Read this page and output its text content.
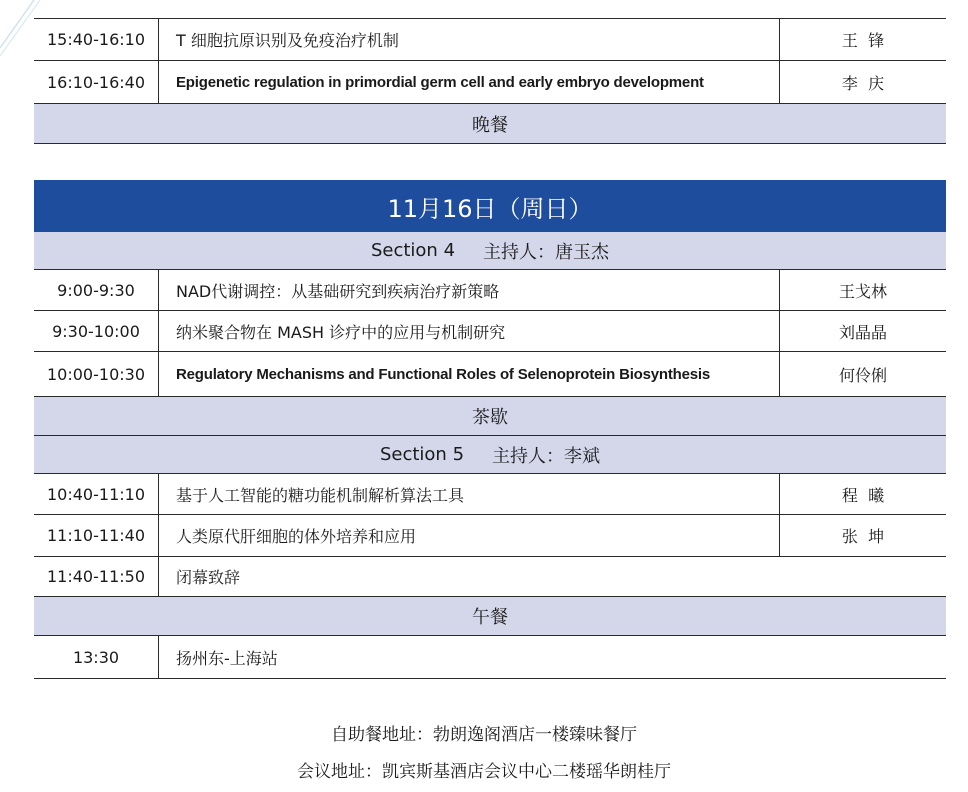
15:40-16:10	T 细胞抗原识别及免疫治疗机制	王  锋
16:10-16:40	Epigenetic regulation in primordial germ cell and early embryo development	李  庆
晚餐
11月16日（周日）
Section 4 主持人：唐玉杰
9:00-9:30	NAD代谢调控：从基础研究到疾病治疗新策略	王戈林
9:30-10:00	纳米聚合物在 MASH 诊疗中的应用与机制研究	刘晶晶
10:00-10:30	Regulatory Mechanisms and Functional Roles of Selenoprotein Biosynthesis	何伶俐
茶歇
Section 5 主持人：李斌
10:40-11:10	基于人工智能的糖功能机制解析算法工具	程  曦
11:10-11:40	人类原代肝细胞的体外培养和应用	张  坤
11:40-11:50	闭幕致辞
午餐
13:30	扬州东-上海站
自助餐地址：勃朗逸阁酒店一楼臻味餐厅
会议地址：凯宾斯基酒店会议中心二楼瑶华朗桂厅
